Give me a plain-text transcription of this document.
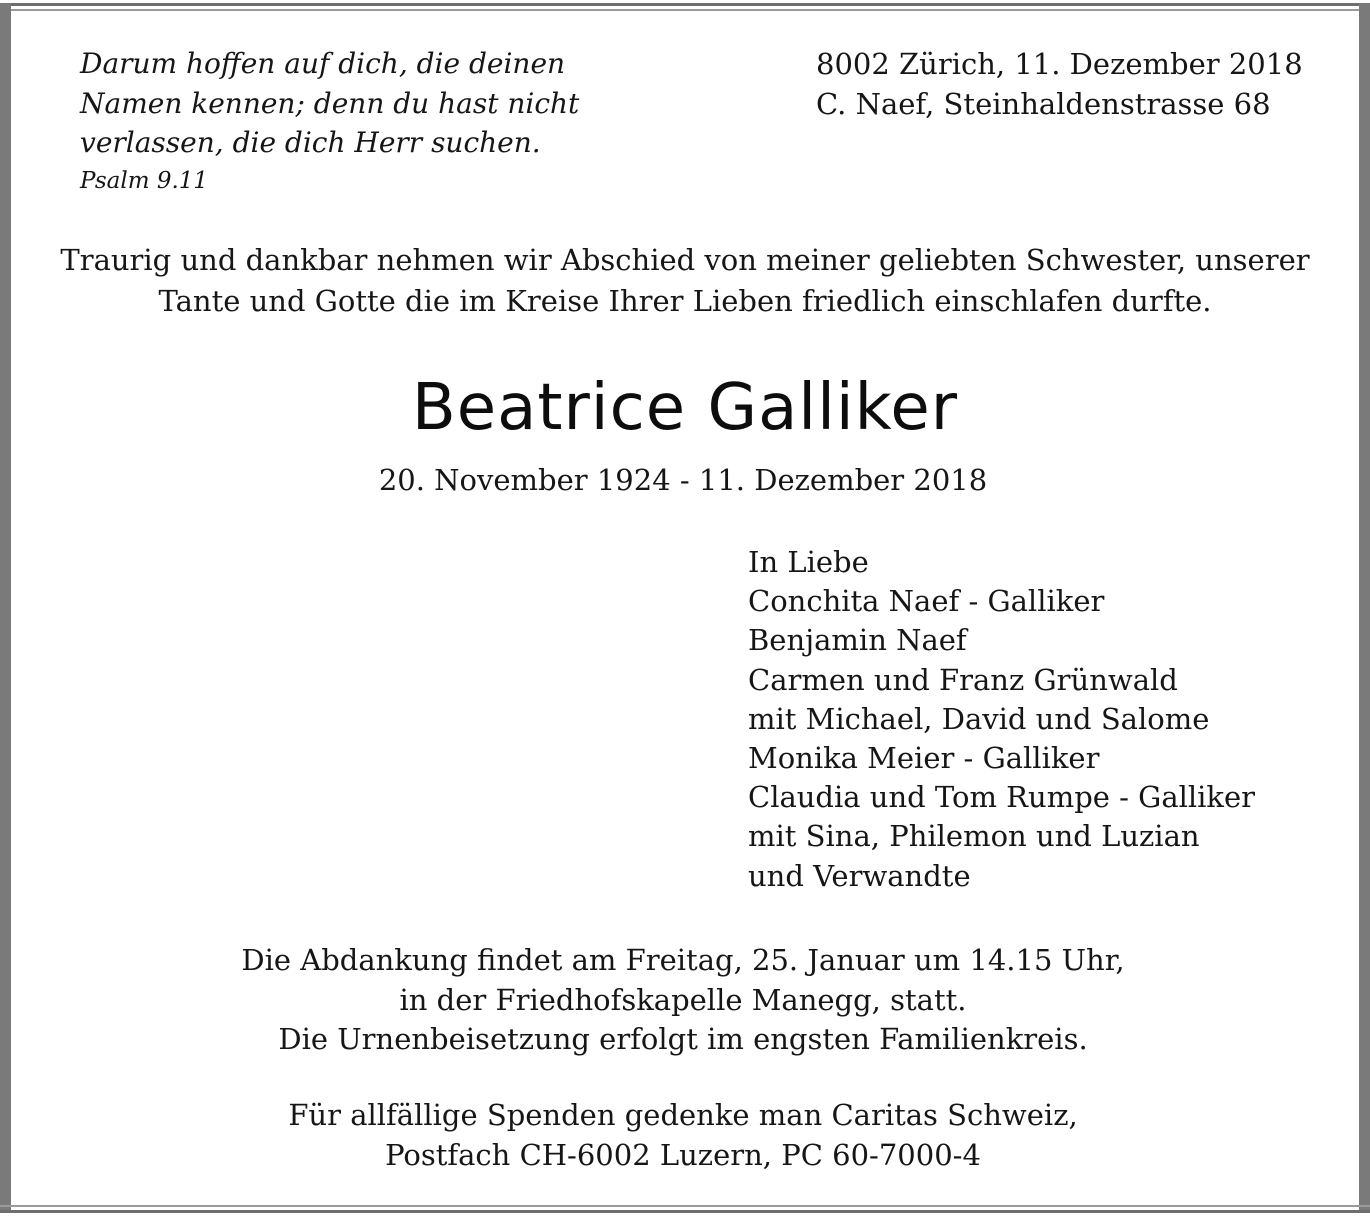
Darum hoffen auf dich, die deinen
Namen kennen; denn du hast nicht
verlassen, die dich Herr suchen.
Psalm 9.11
8002 Zürich, 11. Dezember 2018
C. Naef, Steinhaldenstrasse 68
Traurig und dankbar nehmen wir Abschied von meiner geliebten Schwester, unserer
Tante und Gotte die im Kreise Ihrer Lieben friedlich einschlafen durfte.
Beatrice Galliker
20. November 1924 - 11. Dezember 2018
In Liebe
Conchita Naef - Galliker
Benjamin Naef
Carmen und Franz Grünwald
mit Michael, David und Salome
Monika Meier - Galliker
Claudia und Tom Rumpe - Galliker
mit Sina, Philemon und Luzian
und Verwandte
Die Abdankung findet am Freitag, 25. Januar um 14.15 Uhr,
in der Friedhofskapelle Manegg, statt.
Die Urnenbeisetzung erfolgt im engsten Familienkreis.
Für allfällige Spenden gedenke man Caritas Schweiz,
Postfach CH-6002 Luzern, PC 60-7000-4
